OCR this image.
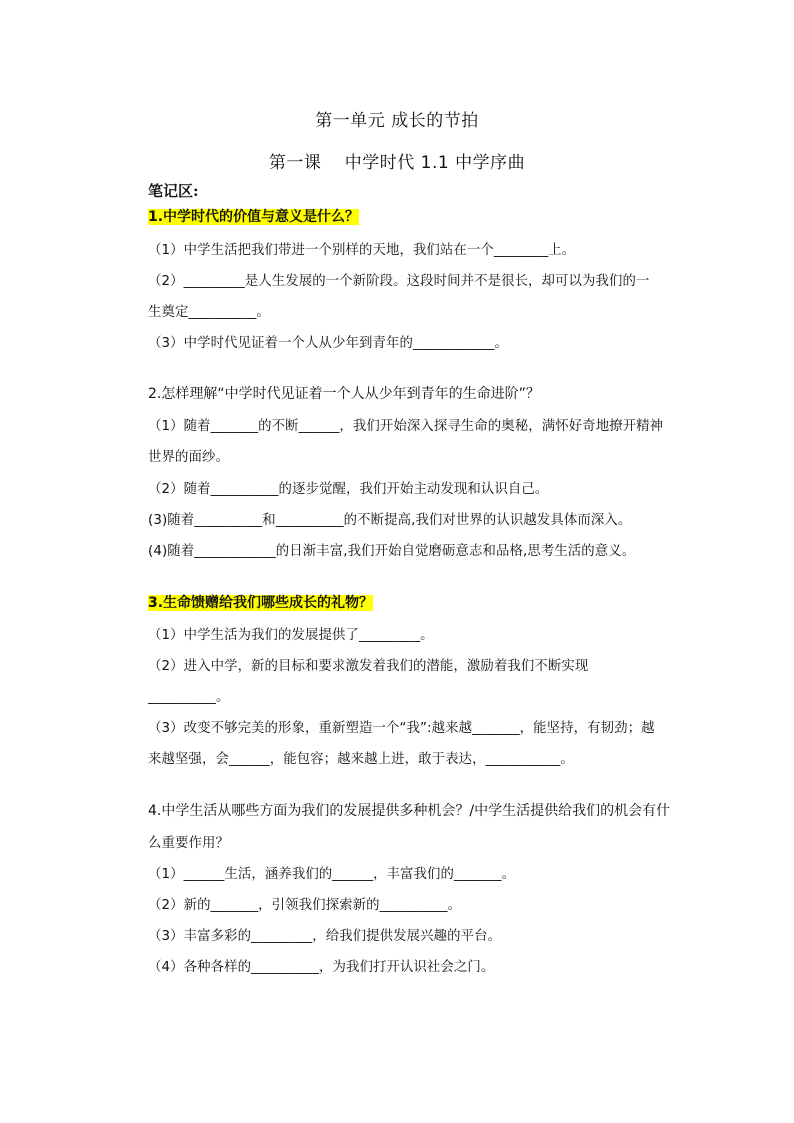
第一单元 成长的节拍
第一课　 中学时代 1.1 中学序曲
笔记区:
1.中学时代的价值与意义是什么？
（1）中学生活把我们带进一个别样的天地，我们站在一个________上。
（2）_________是人生发展的一个新阶段。这段时间并不是很长，却可以为我们的一
生奠定__________。
（3）中学时代见证着一个人从少年到青年的____________。
2.怎样理解“中学时代见证着一个人从少年到青年的生命进阶”？
（1）随着_______的不断______，我们开始深入探寻生命的奥秘，满怀好奇地撩开精神
世界的面纱。
（2）随着__________的逐步觉醒，我们开始主动发现和认识自己。
(3)随着__________和__________的不断提高,我们对世界的认识越发具体而深入。
(4)随着____________的日渐丰富,我们开始自觉磨砺意志和品格,思考生活的意义。
3.生命馈赠给我们哪些成长的礼物？
（1）中学生活为我们的发展提供了_________。
（2）进入中学，新的目标和要求激发着我们的潜能，激励着我们不断实现
__________。
（3）改变不够完美的形象，重新塑造一个“我”:越来越_______，能坚持，有韧劲；越
来越坚强，会______，能包容；越来越上进，敢于表达，___________。
4.中学生活从哪些方面为我们的发展提供多种机会？/中学生活提供给我们的机会有什
么重要作用？
（1）______生活，涵养我们的______，丰富我们的_______。
（2）新的_______，引领我们探索新的__________。
（3）丰富多彩的_________，给我们提供发展兴趣的平台。
（4）各种各样的__________，为我们打开认识社会之门。
